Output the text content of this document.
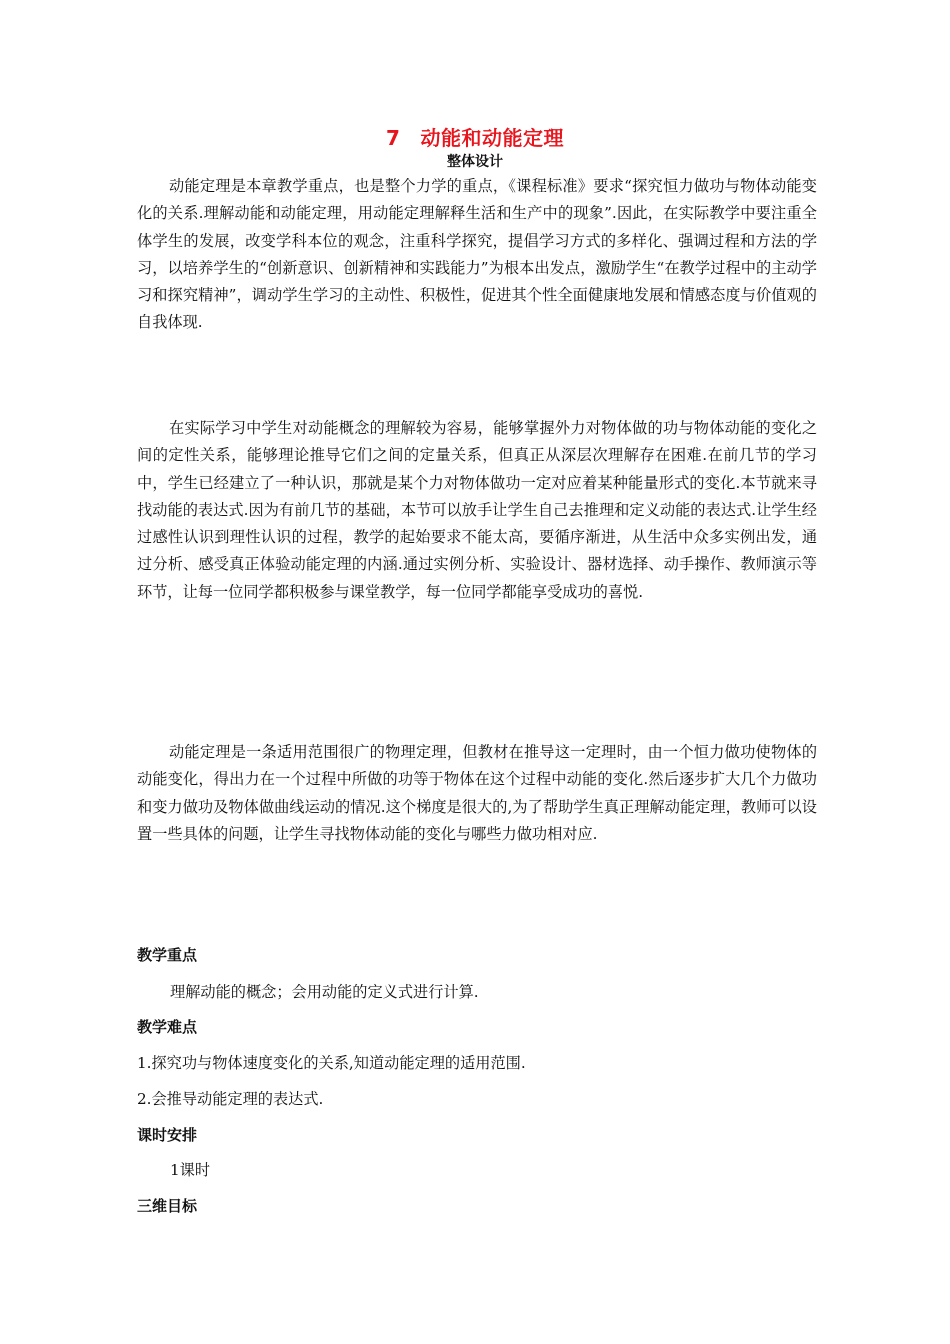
7 动能和动能定理
整体设计

动能定理是本章教学重点，也是整个力学的重点，《课程标准》要求“探究恒力做功与物体动能变化的关系.理解动能和动能定理，用动能定理解释生活和生产中的现象”.因此，在实际教学中要注重全体学生的发展，改变学科本位的观念，注重科学探究，提倡学习方式的多样化、强调过程和方法的学习，以培养学生的“创新意识、创新精神和实践能力”为根本出发点，激励学生“在教学过程中的主动学习和探究精神”，调动学生学习的主动性、积极性，促进其个性全面健康地发展和情感态度与价值观的自我体现.

在实际学习中学生对动能概念的理解较为容易，能够掌握外力对物体做的功与物体动能的变化之间的定性关系，能够理论推导它们之间的定量关系，但真正从深层次理解存在困难.在前几节的学习中，学生已经建立了一种认识，那就是某个力对物体做功一定对应着某种能量形式的变化.本节就来寻找动能的表达式.因为有前几节的基础，本节可以放手让学生自己去推理和定义动能的表达式.让学生经过感性认识到理性认识的过程，教学的起始要求不能太高，要循序渐进，从生活中众多实例出发，通过分析、感受真正体验动能定理的内涵.通过实例分析、实验设计、器材选择、动手操作、教师演示等环节，让每一位同学都积极参与课堂教学，每一位同学都能享受成功的喜悦.

动能定理是一条适用范围很广的物理定理，但教材在推导这一定理时，由一个恒力做功使物体的动能变化，得出力在一个过程中所做的功等于物体在这个过程中动能的变化.然后逐步扩大几个力做功和变力做功及物体做曲线运动的情况.这个梯度是很大的,为了帮助学生真正理解动能定理，教师可以设置一些具体的问题，让学生寻找物体动能的变化与哪些力做功相对应.

教学重点

理解动能的概念；会用动能的定义式进行计算.

教学难点

1.探究功与物体速度变化的关系,知道动能定理的适用范围.

2.会推导动能定理的表达式.

课时安排

1课时

三维目标
